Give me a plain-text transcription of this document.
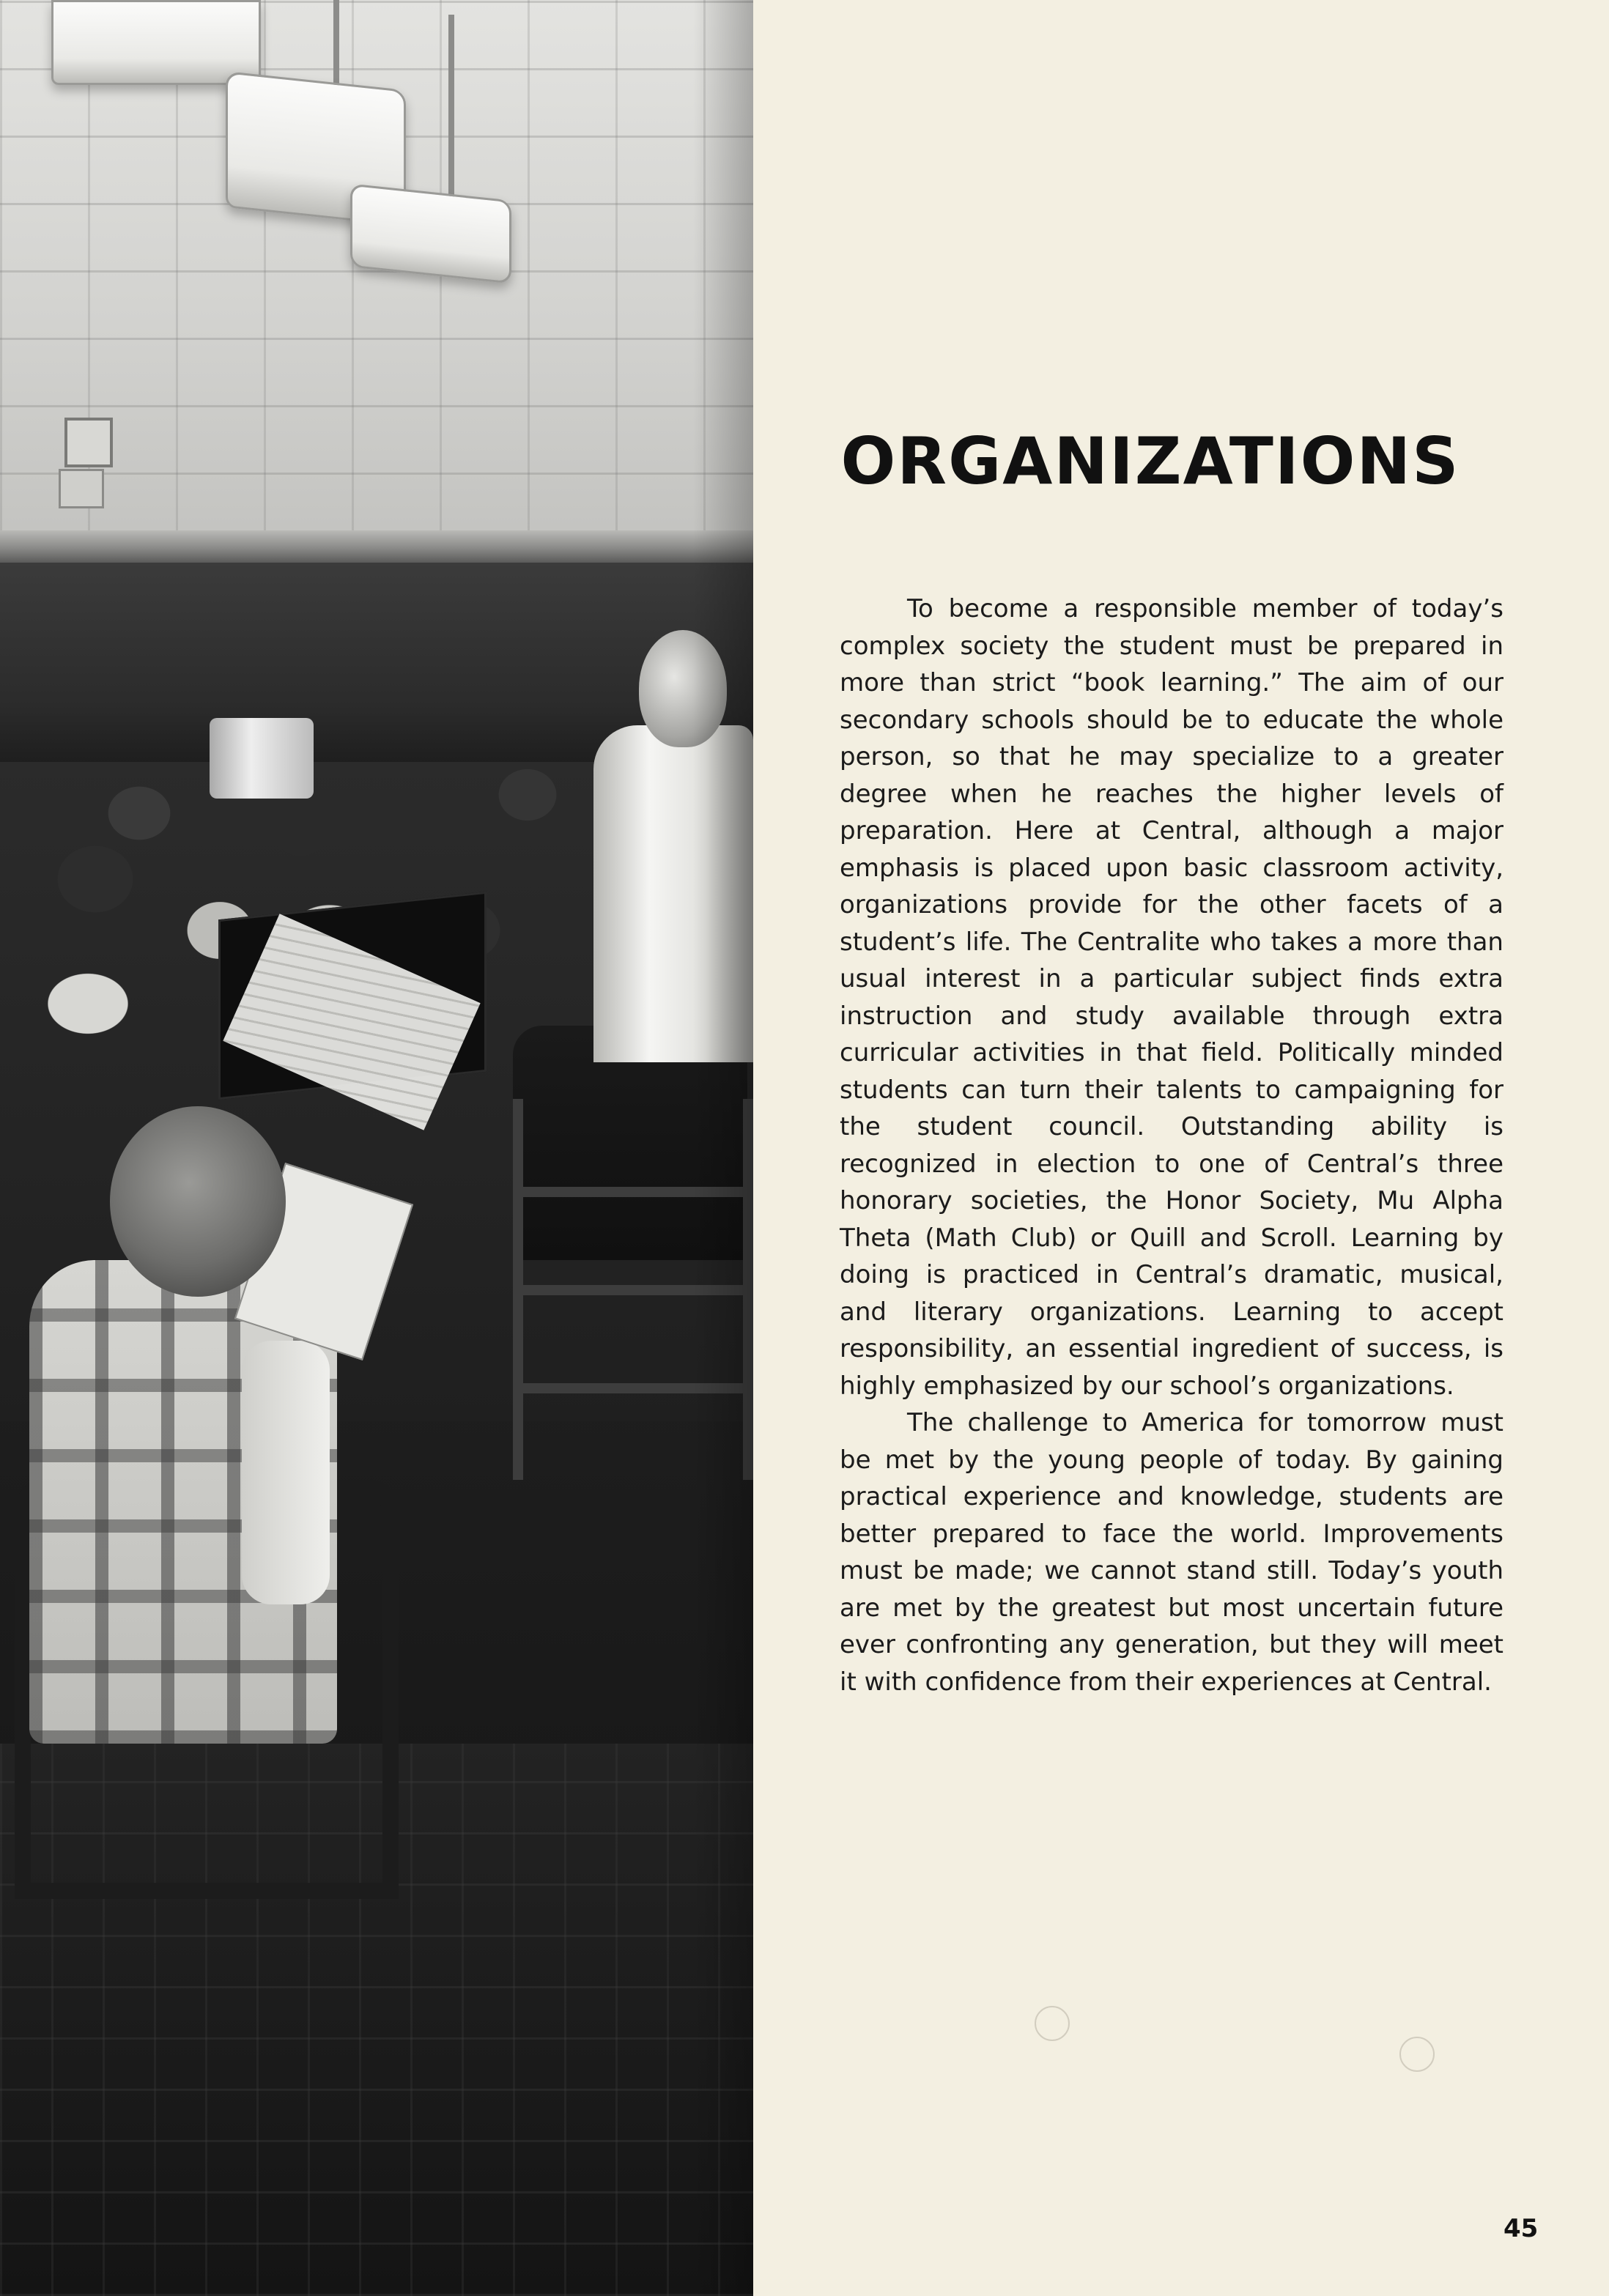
ORGANIZATIONS

To become a responsible member of today’s complex society the student must be prepared in more than strict “book learning.” The aim of our secondary schools should be to educate the whole person, so that he may specialize to a greater degree when he reaches the higher levels of preparation. Here at Central, although a major emphasis is placed upon basic classroom activity, organizations provide for the other facets of a student’s life. The Centralite who takes a more than usual interest in a particular subject finds extra instruction and study available through extra curricular activities in that field. Politically minded students can turn their talents to campaigning for the student council. Outstanding ability is recognized in election to one of Central’s three honorary societies, the Honor Society, Mu Alpha Theta (Math Club) or Quill and Scroll. Learning by doing is practiced in Central’s dramatic, musical, and literary organizations. Learning to accept responsibility, an essential ingredient of success, is highly emphasized by our school’s organizations.

The challenge to America for tomorrow must be met by the young people of today. By gaining practical experience and knowledge, students are better prepared to face the world. Improvements must be made; we cannot stand still. Today’s youth are met by the greatest but most uncertain future ever confronting any generation, but they will meet it with confidence from their experiences at Central.

45
